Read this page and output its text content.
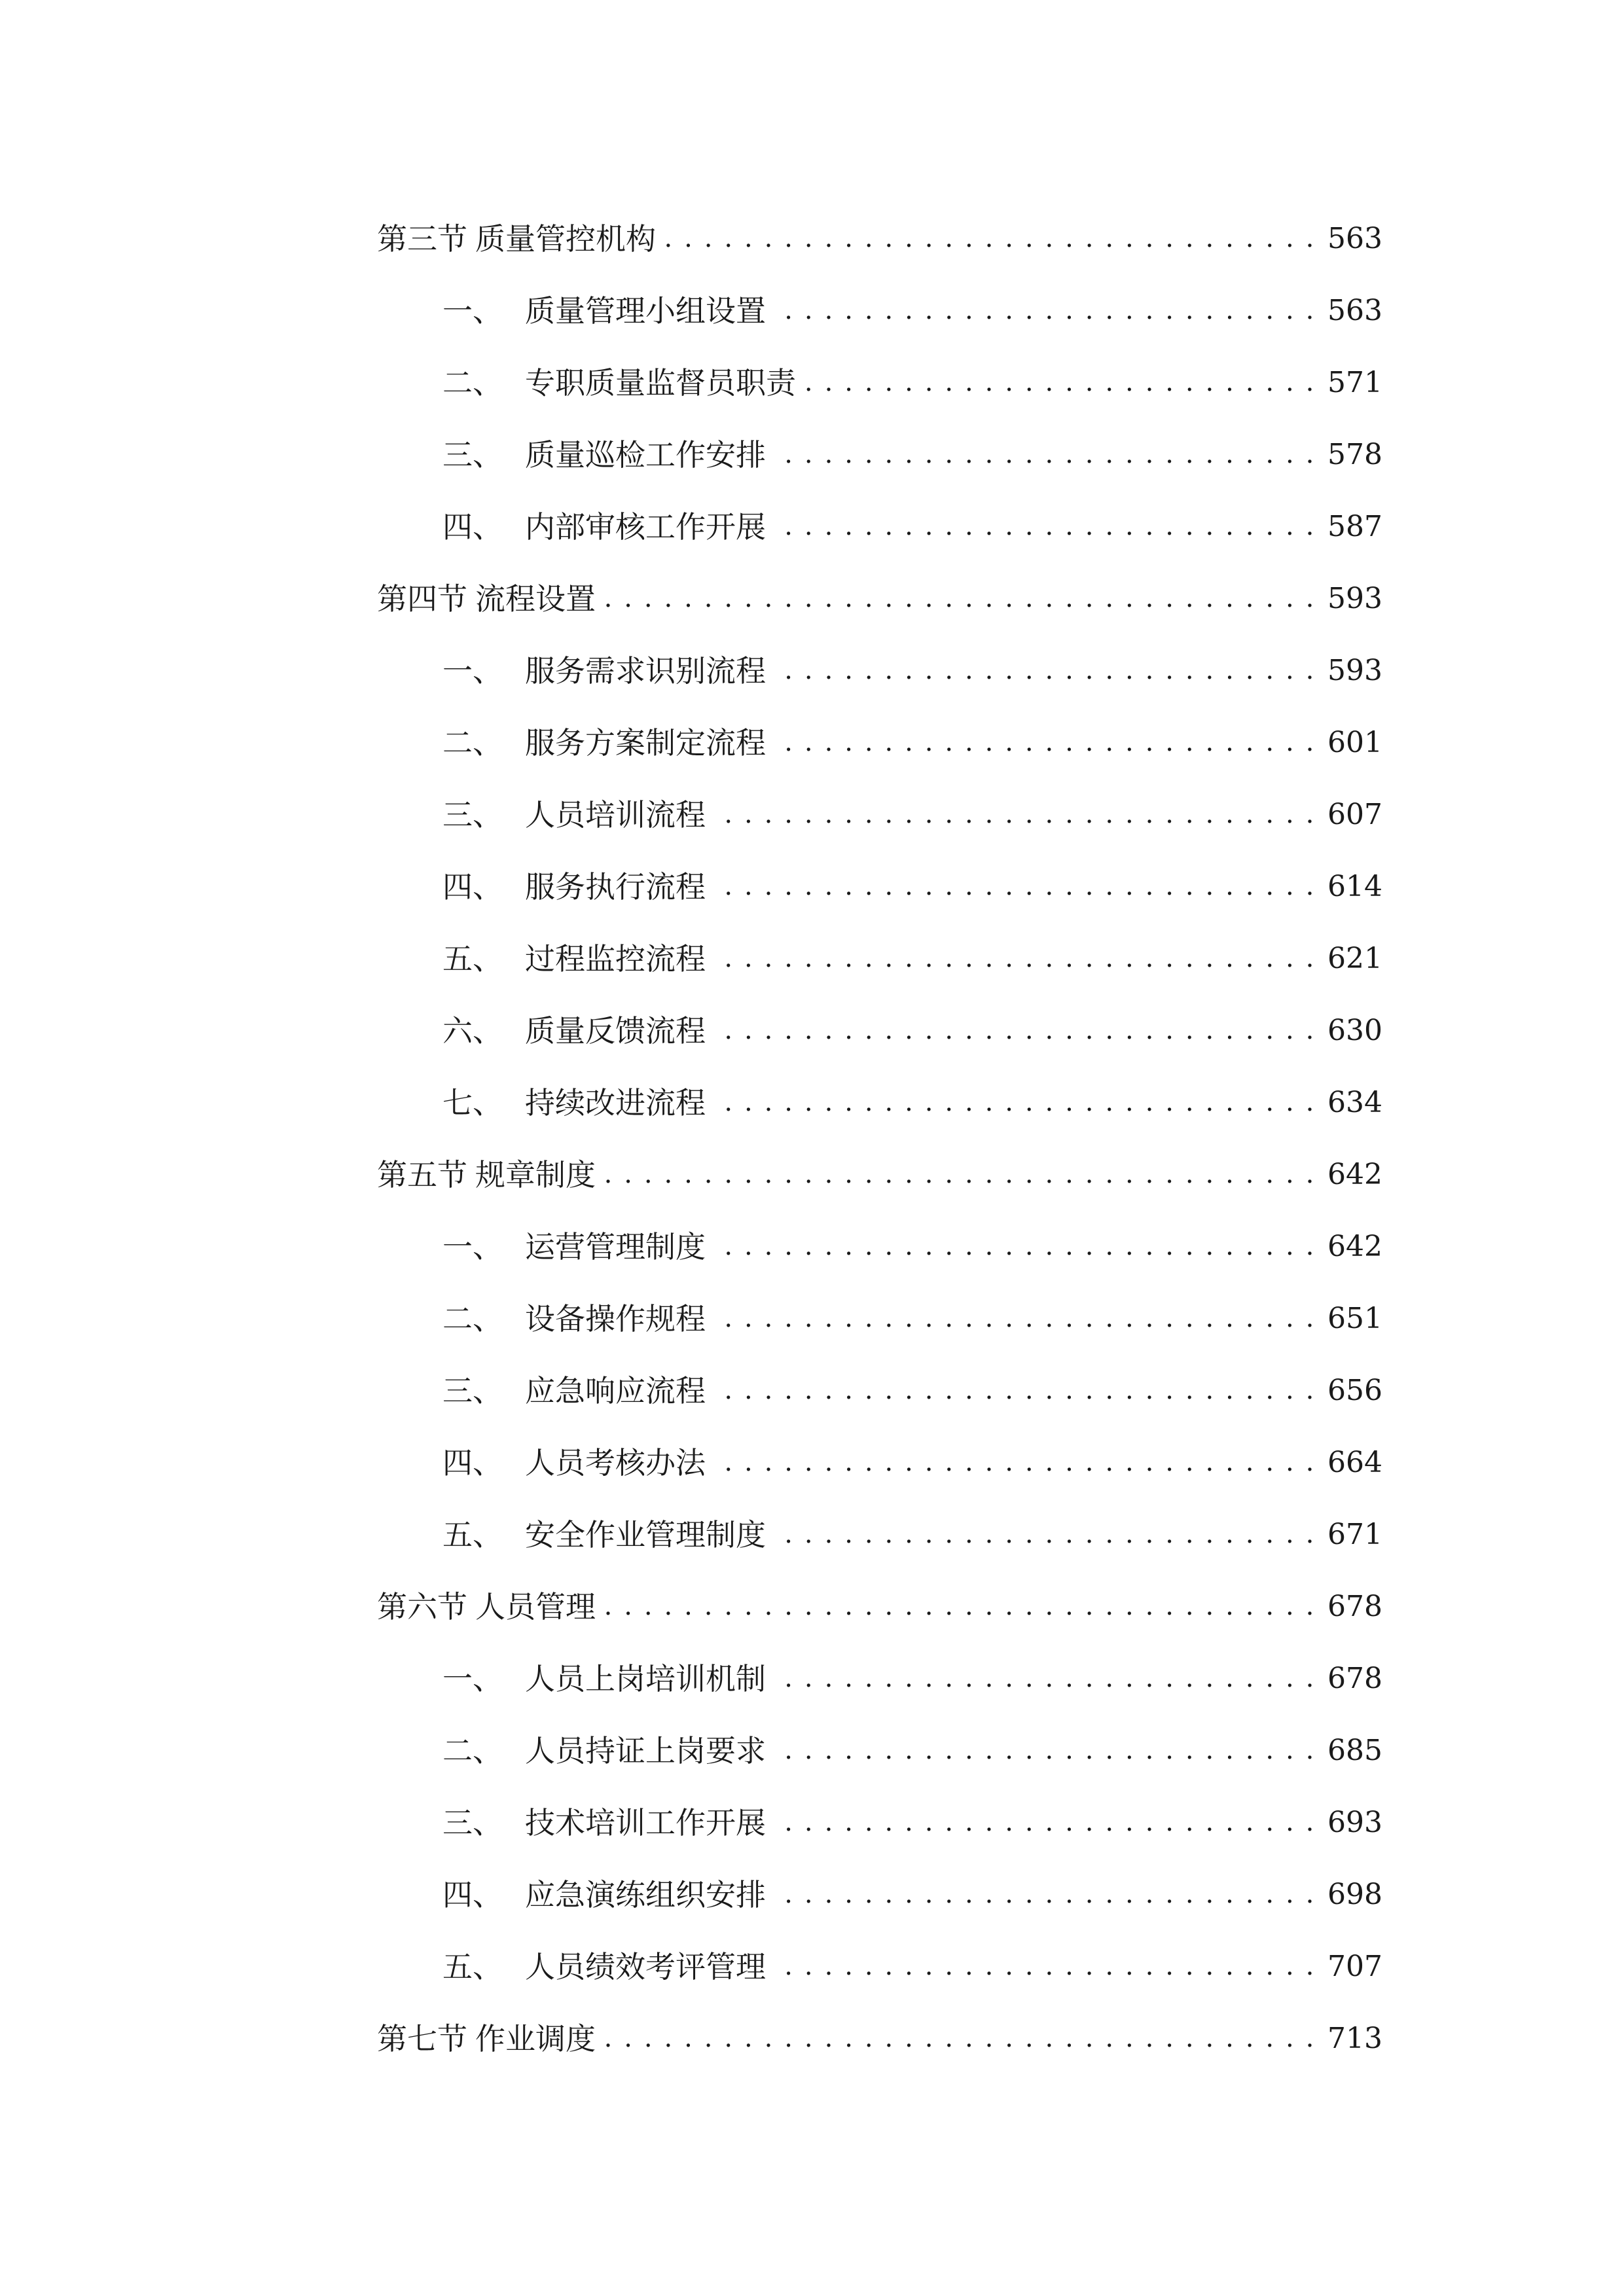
第三节 质量管控机构 . . .	563
一、 质量管理小组设置 . . .	563
二、 专职质量监督员职责 . . .	571
三、 质量巡检工作安排 . . .	578
四、 内部审核工作开展 . . .	587
第四节 流程设置 . . .	593
一、 服务需求识别流程 . . .	593
二、 服务方案制定流程 . . .	601
三、 人员培训流程 . . .	607
四、 服务执行流程 . . .	614
五、 过程监控流程 . . .	621
六、 质量反馈流程 . . .	630
七、 持续改进流程 . . .	634
第五节 规章制度 . . .	642
一、 运营管理制度 . . .	642
二、 设备操作规程 . . .	651
三、 应急响应流程 . . .	656
四、 人员考核办法 . . .	664
五、 安全作业管理制度 . . .	671
第六节 人员管理 . . .	678
一、 人员上岗培训机制 . . .	678
二、 人员持证上岗要求 . . .	685
三、 技术培训工作开展 . . .	693
四、 应急演练组织安排 . . .	698
五、 人员绩效考评管理 . . .	707
第七节 作业调度 . . .	713
